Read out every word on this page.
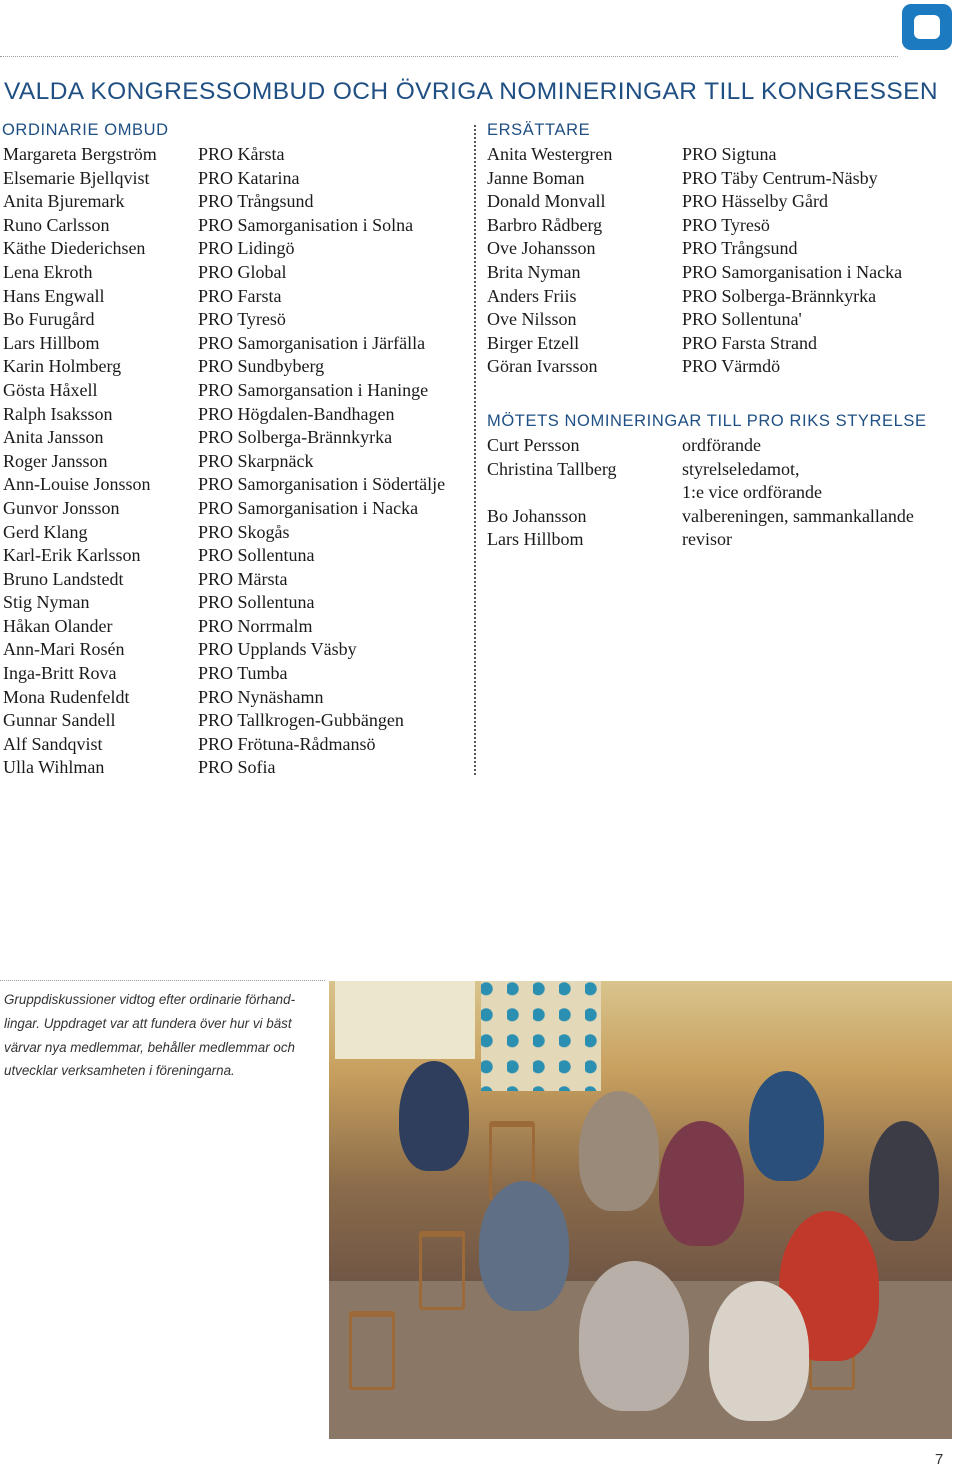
VALDA KONGRESSOMBUD OCH ÖVRIGA NOMINERINGAR TILL KONGRESSEN
ORDINARIE OMBUD
Margareta Bergström
Elsemarie Bjellqvist
Anita Bjuremark
Runo Carlsson
Käthe Diederichsen
Lena Ekroth
Hans Engwall
Bo Furugård
Lars Hillbom
Karin Holmberg
Gösta Håxell
Ralph Isaksson
Anita Jansson
Roger Jansson
Ann-Louise Jonsson
Gunvor Jonsson
Gerd Klang
Karl-Erik Karlsson
Bruno Landstedt
Stig Nyman
Håkan Olander
Ann-Mari Rosén
Inga-Britt Rova
Mona Rudenfeldt
Gunnar Sandell
Alf Sandqvist
Ulla Wihlman
PRO Kårsta
PRO Katarina
PRO Trångsund
PRO Samorganisation i Solna
PRO Lidingö
PRO Global
PRO Farsta
PRO Tyresö
PRO Samorganisation i Järfälla
PRO Sundbyberg
PRO Samorgansation i Haninge
PRO Högdalen-Bandhagen
PRO Solberga-Brännkyrka
PRO Skarpnäck
PRO Samorganisation i Södertälje
PRO Samorganisation i Nacka
PRO Skogås
PRO Sollentuna
PRO Märsta
PRO Sollentuna
PRO Norrmalm
PRO Upplands Väsby
PRO Tumba
PRO Nynäshamn
PRO Tallkrogen-Gubbängen
PRO Frötuna-Rådmansö
PRO Sofia
ERSÄTTARE
Anita Westergren
Janne Boman
Donald Monvall
Barbro Rådberg
Ove Johansson
Brita Nyman
Anders Friis
Ove Nilsson
Birger Etzell
Göran Ivarsson
PRO Sigtuna
PRO Täby Centrum-Näsby
PRO Hässelby Gård
PRO Tyresö
PRO Trångsund
PRO Samorganisation i Nacka
PRO Solberga-Brännkyrka
PRO Sollentuna'
PRO Farsta Strand
PRO Värmdö
MÖTETS NOMINERINGAR TILL PRO RIKS STYRELSE
Curt Persson
Christina Tallberg
Bo Johansson
Lars Hillbom
ordförande
styrelseledamot,
1:e vice ordförande
valbereningen, sammankallande
revisor

Gruppdiskussioner vidtog efter ordinarie förhand-lingar. Uppdraget var att fundera över hur vi bäst värvar nya medlemmar, behåller medlemmar och utvecklar verksamheten i föreningarna.

7
